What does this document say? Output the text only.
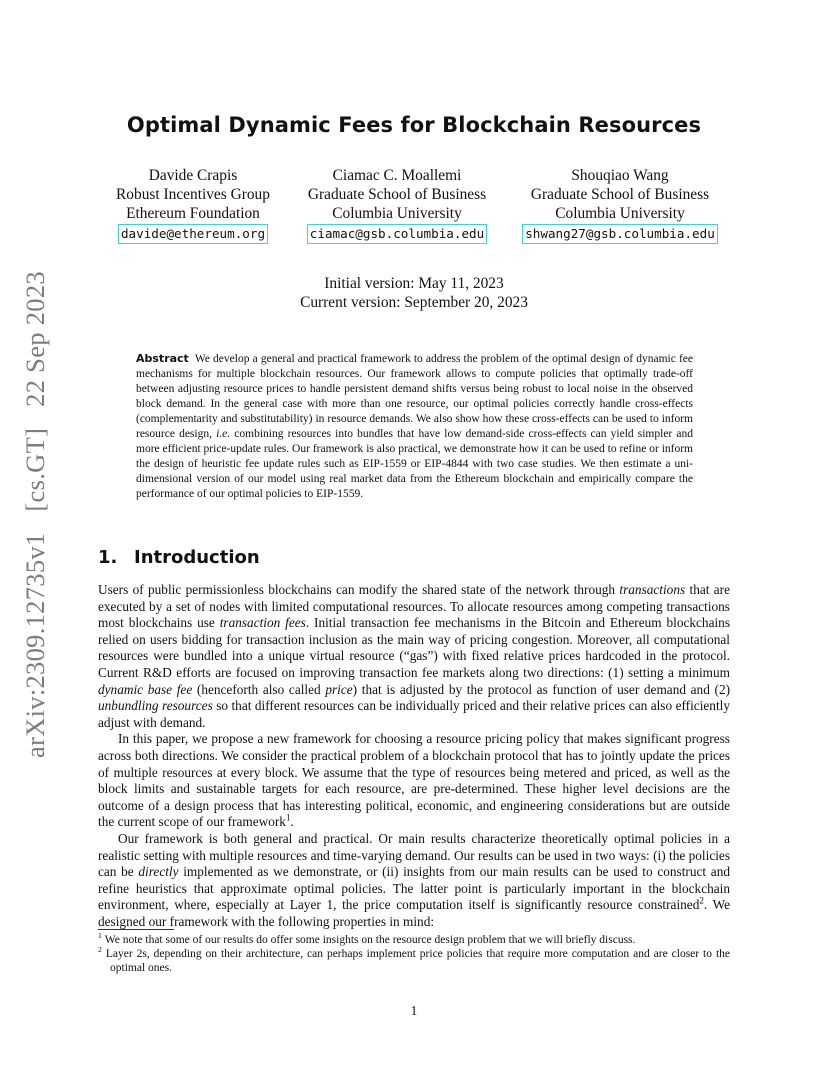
arXiv:2309.12735v1 [cs.GT] 22 Sep 2023
Optimal Dynamic Fees for Blockchain Resources
Davide Crapis
Robust Incentives Group
Ethereum Foundation
davide@ethereum.org
Ciamac C. Moallemi
Graduate School of Business
Columbia University
ciamac@gsb.columbia.edu
Shouqiao Wang
Graduate School of Business
Columbia University
shwang27@gsb.columbia.edu
Initial version: May 11, 2023
Current version: September 20, 2023
Abstract We develop a general and practical framework to address the problem of the optimal design of dynamic fee mechanisms for multiple blockchain resources. Our framework allows to compute policies that optimally trade-off between adjusting resource prices to handle persistent demand shifts versus being robust to local noise in the observed block demand. In the general case with more than one resource, our optimal policies correctly handle cross-effects (complementarity and substitutability) in resource demands. We also show how these cross-effects can be used to inform resource design, i.e. combining resources into bundles that have low demand-side cross-effects can yield simpler and more efficient price-update rules. Our framework is also practical, we demonstrate how it can be used to refine or inform the design of heuristic fee update rules such as EIP-1559 or EIP-4844 with two case studies. We then estimate a uni-dimensional version of our model using real market data from the Ethereum blockchain and empirically compare the performance of our optimal policies to EIP-1559.
1. Introduction

Users of public permissionless blockchains can modify the shared state of the network through transactions that are executed by a set of nodes with limited computational resources. To allocate resources among competing transactions most blockchains use transaction fees. Initial transaction fee mechanisms in the Bitcoin and Ethereum blockchains relied on users bidding for transaction inclusion as the main way of pricing congestion. Moreover, all computational resources were bundled into a unique virtual resource (“gas”) with fixed relative prices hardcoded in the protocol. Current R&D efforts are focused on improving transaction fee markets along two directions: (1) setting a minimum dynamic base fee (henceforth also called price) that is adjusted by the protocol as function of user demand and (2) unbundling resources so that different resources can be individually priced and their relative prices can also efficiently adjust with demand.

In this paper, we propose a new framework for choosing a resource pricing policy that makes significant progress across both directions. We consider the practical problem of a blockchain protocol that has to jointly update the prices of multiple resources at every block. We assume that the type of resources being metered and priced, as well as the block limits and sustainable targets for each resource, are pre-determined. These higher level decisions are the outcome of a design process that has interesting political, economic, and engineering considerations but are outside the current scope of our framework$^1$.

Our framework is both general and practical. Or main results characterize theoretically optimal policies in a realistic setting with multiple resources and time-varying demand. Our results can be used in two ways: (i) the policies can be directly implemented as we demonstrate, or (ii) insights from our main results can be used to construct and refine heuristics that approximate optimal policies. The latter point is particularly important in the blockchain environment, where, especially at Layer 1, the price computation itself is significantly resource constrained$^2$. We designed our framework with the following properties in mind:

$^1$ We note that some of our results do offer some insights on the resource design problem that we will briefly discuss.
$^2$ Layer 2s, depending on their architecture, can perhaps implement price policies that require more computation and are closer to the optimal ones.
1
